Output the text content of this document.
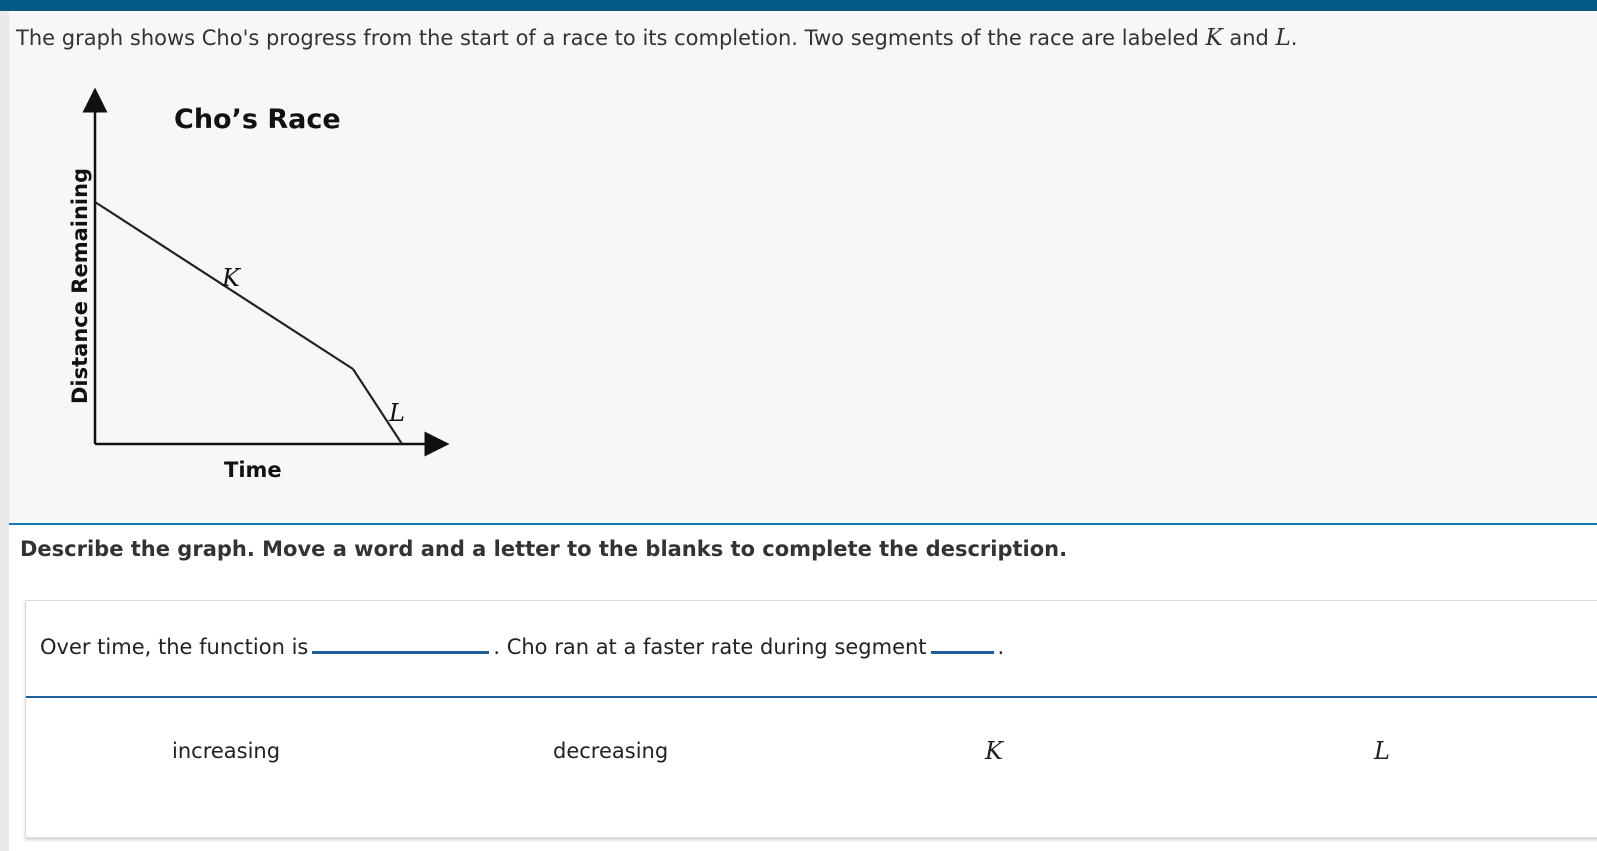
The graph shows Cho's progress from the start of a race to its completion. Two segments of the race are labeled K and L.
Cho’s Race
Time
Distance Remaining	K
L
Describe the graph. Move a word and a letter to the blanks to complete the description.
Over time, the function is	. Cho ran at a faster rate during segment	.
increasing	decreasing	K	L
